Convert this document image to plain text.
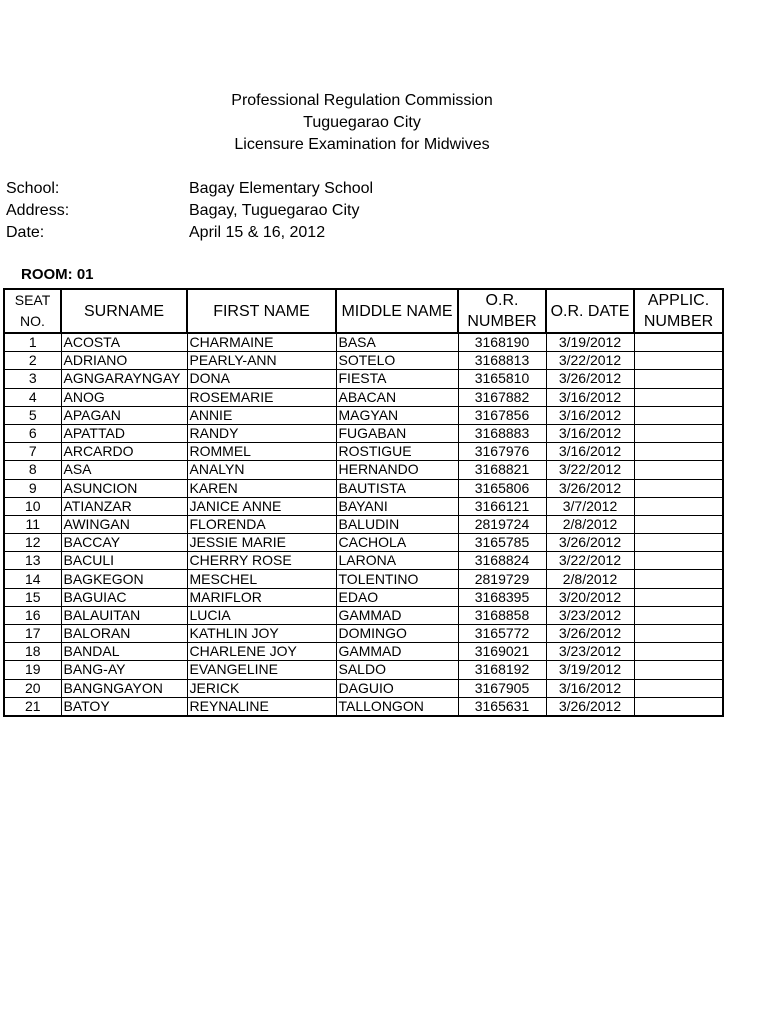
Professional Regulation Commission
Tuguegarao City
Licensure Examination for Midwives
School:	Bagay Elementary School
Address:	Bagay, Tuguegarao City
Date:	April 15 & 16, 2012
ROOM: 01
SEAT NO.	SURNAME	FIRST NAME	MIDDLE NAME	O.R. NUMBER	O.R. DATE	APPLIC. NUMBER
1	ACOSTA	CHARMAINE	BASA	3168190	3/19/2012	
2	ADRIANO	PEARLY-ANN	SOTELO	3168813	3/22/2012	
3	AGNGARAYNGAY	DONA	FIESTA	3165810	3/26/2012	
4	ANOG	ROSEMARIE	ABACAN	3167882	3/16/2012	
5	APAGAN	ANNIE	MAGYAN	3167856	3/16/2012	
6	APATTAD	RANDY	FUGABAN	3168883	3/16/2012	
7	ARCARDO	ROMMEL	ROSTIGUE	3167976	3/16/2012	
8	ASA	ANALYN	HERNANDO	3168821	3/22/2012	
9	ASUNCION	KAREN	BAUTISTA	3165806	3/26/2012	
10	ATIANZAR	JANICE ANNE	BAYANI	3166121	3/7/2012	
11	AWINGAN	FLORENDA	BALUDIN	2819724	2/8/2012	
12	BACCAY	JESSIE MARIE	CACHOLA	3165785	3/26/2012	
13	BACULI	CHERRY ROSE	LARONA	3168824	3/22/2012	
14	BAGKEGON	MESCHEL	TOLENTINO	2819729	2/8/2012	
15	BAGUIAC	MARIFLOR	EDAO	3168395	3/20/2012	
16	BALAUITAN	LUCIA	GAMMAD	3168858	3/23/2012	
17	BALORAN	KATHLIN JOY	DOMINGO	3165772	3/26/2012	
18	BANDAL	CHARLENE JOY	GAMMAD	3169021	3/23/2012	
19	BANG-AY	EVANGELINE	SALDO	3168192	3/19/2012	
20	BANGNGAYON	JERICK	DAGUIO	3167905	3/16/2012	
21	BATOY	REYNALINE	TALLONGON	3165631	3/26/2012	
